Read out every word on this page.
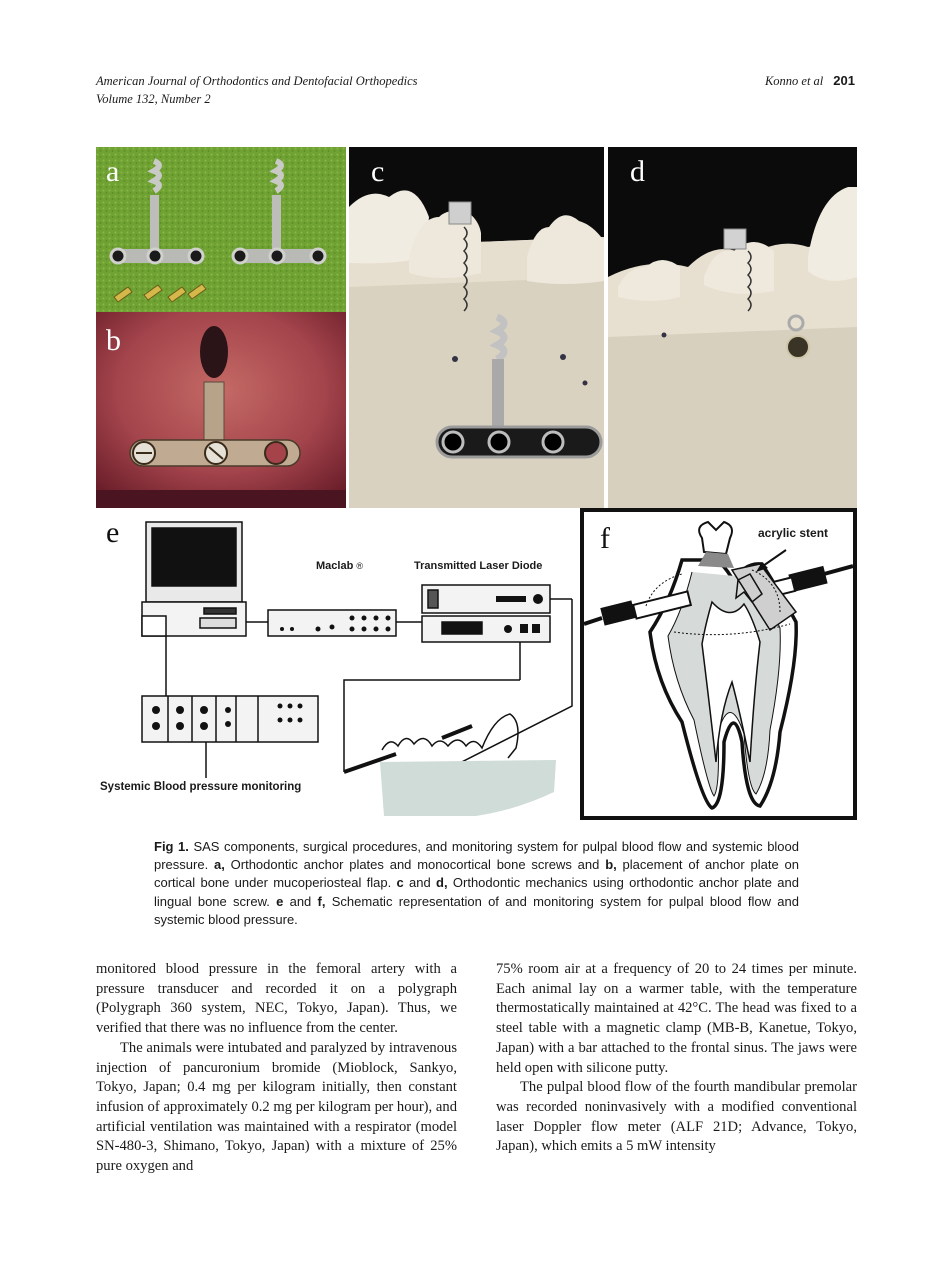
American Journal of Orthodontics and Dentofacial Orthopedics
Volume 132, Number 2
Konno et al 201
a
b
c	d
e
Maclab ®	Transmitted Laser Diode
Systemic Blood pressure monitoring
f	acrylic stent
Fig 1. SAS components, surgical procedures, and monitoring system for pulpal blood flow and systemic blood pressure. a, Orthodontic anchor plates and monocortical bone screws and b, placement of anchor plate on cortical bone under mucoperiosteal flap. c and d, Orthodontic mechanics using orthodontic anchor plate and lingual bone screw. e and f, Schematic representation of and monitoring system for pulpal blood flow and systemic blood pressure.

monitored blood pressure in the femoral artery with a pressure transducer and recorded it on a polygraph (Polygraph 360 system, NEC, Tokyo, Japan). Thus, we verified that there was no influence from the center.

The animals were intubated and paralyzed by intravenous injection of pancuronium bromide (Mioblock, Sankyo, Tokyo, Japan; 0.4 mg per kilogram initially, then constant infusion of approximately 0.2 mg per kilogram per hour), and artificial ventilation was maintained with a respirator (model SN-480-3, Shimano, Tokyo, Japan) with a mixture of 25% pure oxygen and

75% room air at a frequency of 20 to 24 times per minute. Each animal lay on a warmer table, with the temperature thermostatically maintained at 42°C. The head was fixed to a steel table with a magnetic clamp (MB-B, Kanetue, Tokyo, Japan) with a bar attached to the frontal sinus. The jaws were held open with silicone putty.

The pulpal blood flow of the fourth mandibular premolar was recorded noninvasively with a modified conventional laser Doppler flow meter (ALF 21D; Advance, Tokyo, Japan), which emits a 5 mW intensity
